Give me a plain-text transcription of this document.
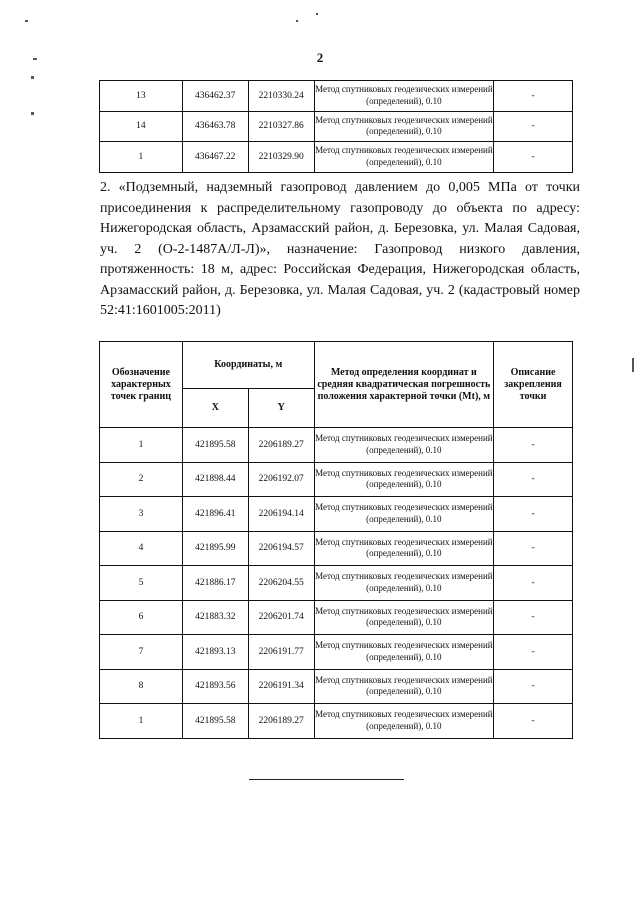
2
13	436462.37	2210330.24	Метод спутниковых геодезических измерений (определений), 0.10	-
14	436463.78	2210327.86	Метод спутниковых геодезических измерений (определений), 0.10	-
1	436467.22	2210329.90	Метод спутниковых геодезических измерений (определений), 0.10	-
2. «Подземный, надземный газопровод давлением до 0,005 МПа от точки присоединения к распределительному газопроводу до объекта по адресу: Нижегородская область, Арзамасский район, д. Березовка, ул. Малая Садовая, уч. 2 (О-2-1487А/Л-Л)», назначение: Газопровод низкого давления, протяженность: 18 м, адрес: Российская Федерация, Нижегородская область, Арзамасский район, д. Березовка, ул. Малая Садовая, уч. 2 (кадастровый номер 52:41:1601005:2011)
Обозначение характерных точек границ	Координаты, м		Метод определения координат и средняя квадратическая погрешность положения характерной точки (Mt), м	Описание закрепления точки
	X	Y		
1	421895.58	2206189.27	Метод спутниковых геодезических измерений (определений), 0.10	-
2	421898.44	2206192.07	Метод спутниковых геодезических измерений (определений), 0.10	-
3	421896.41	2206194.14	Метод спутниковых геодезических измерений (определений), 0.10	-
4	421895.99	2206194.57	Метод спутниковых геодезических измерений (определений), 0.10	-
5	421886.17	2206204.55	Метод спутниковых геодезических измерений (определений), 0.10	-
6	421883.32	2206201.74	Метод спутниковых геодезических измерений (определений), 0.10	-
7	421893.13	2206191.77	Метод спутниковых геодезических измерений (определений), 0.10	-
8	421893.56	2206191.34	Метод спутниковых геодезических измерений (определений), 0.10	-
1	421895.58	2206189.27	Метод спутниковых геодезических измерений (определений), 0.10	-
